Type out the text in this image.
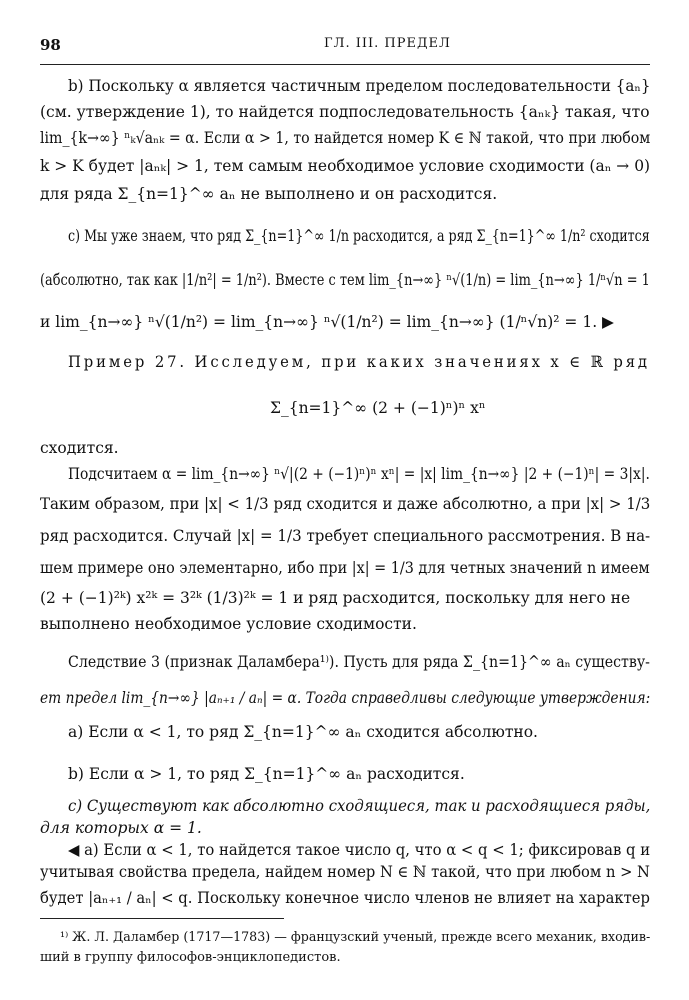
98	ГЛ. III. ПРЕДЕЛ
b) Поскольку α является частичным пределом последовательности {aₙ}
(см. утверждение 1), то найдется подпоследовательность {aₙₖ} такая, что
lim_{k→∞} ⁿₖ√aₙₖ = α. Если α > 1, то найдется номер K ∈ ℕ такой, что при любом
k > K будет |aₙₖ| > 1, тем самым необходимое условие сходимости (aₙ → 0)
для ряда Σ_{n=1}^∞ aₙ не выполнено и он расходится.
c) Мы уже знаем, что ряд Σ_{n=1}^∞ 1/n расходится, а ряд Σ_{n=1}^∞ 1/n² сходится
(абсолютно, так как |1/n²| = 1/n²). Вместе с тем lim_{n→∞} ⁿ√(1/n) = lim_{n→∞} 1/ⁿ√n = 1
и lim_{n→∞} ⁿ√(1/n²) = lim_{n→∞} ⁿ√(1/n²) = lim_{n→∞} (1/ⁿ√n)² = 1. ▶
Пример 27. Исследуем, при каких значениях x ∈ ℝ ряд
Σ_{n=1}^∞ (2 + (−1)ⁿ)ⁿ xⁿ
сходится.
Подсчитаем α = lim_{n→∞} ⁿ√|(2 + (−1)ⁿ)ⁿ xⁿ| = |x| lim_{n→∞} |2 + (−1)ⁿ| = 3|x|.
Таким образом, при |x| < 1/3 ряд сходится и даже абсолютно, а при |x| > 1/3
ряд расходится. Случай |x| = 1/3 требует специального рассмотрения. В на-
шем примере оно элементарно, ибо при |x| = 1/3 для четных значений n имеем
(2 + (−1)²ᵏ) x²ᵏ = 3²ᵏ (1/3)²ᵏ = 1 и ряд расходится, поскольку для него не
выполнено необходимое условие сходимости.
Следствие 3 (признак Даламбера¹⁾). Пусть для ряда Σ_{n=1}^∞ aₙ существу-
ет предел lim_{n→∞} |aₙ₊₁ / aₙ| = α. Тогда справедливы следующие утверждения:
a) Если α < 1, то ряд Σ_{n=1}^∞ aₙ сходится абсолютно.
b) Если α > 1, то ряд Σ_{n=1}^∞ aₙ расходится.
c) Существуют как абсолютно сходящиеся, так и расходящиеся ряды,
для которых α = 1.
◀ a) Если α < 1, то найдется такое число q, что α < q < 1; фиксировав q и
учитывая свойства предела, найдем номер N ∈ ℕ такой, что при любом n > N
будет |aₙ₊₁ / aₙ| < q. Поскольку конечное число членов не влияет на характер
¹⁾ Ж. Л. Даламбер (1717—1783) — французский ученый, прежде всего механик, входив-
ший в группу философов-энциклопедистов.
